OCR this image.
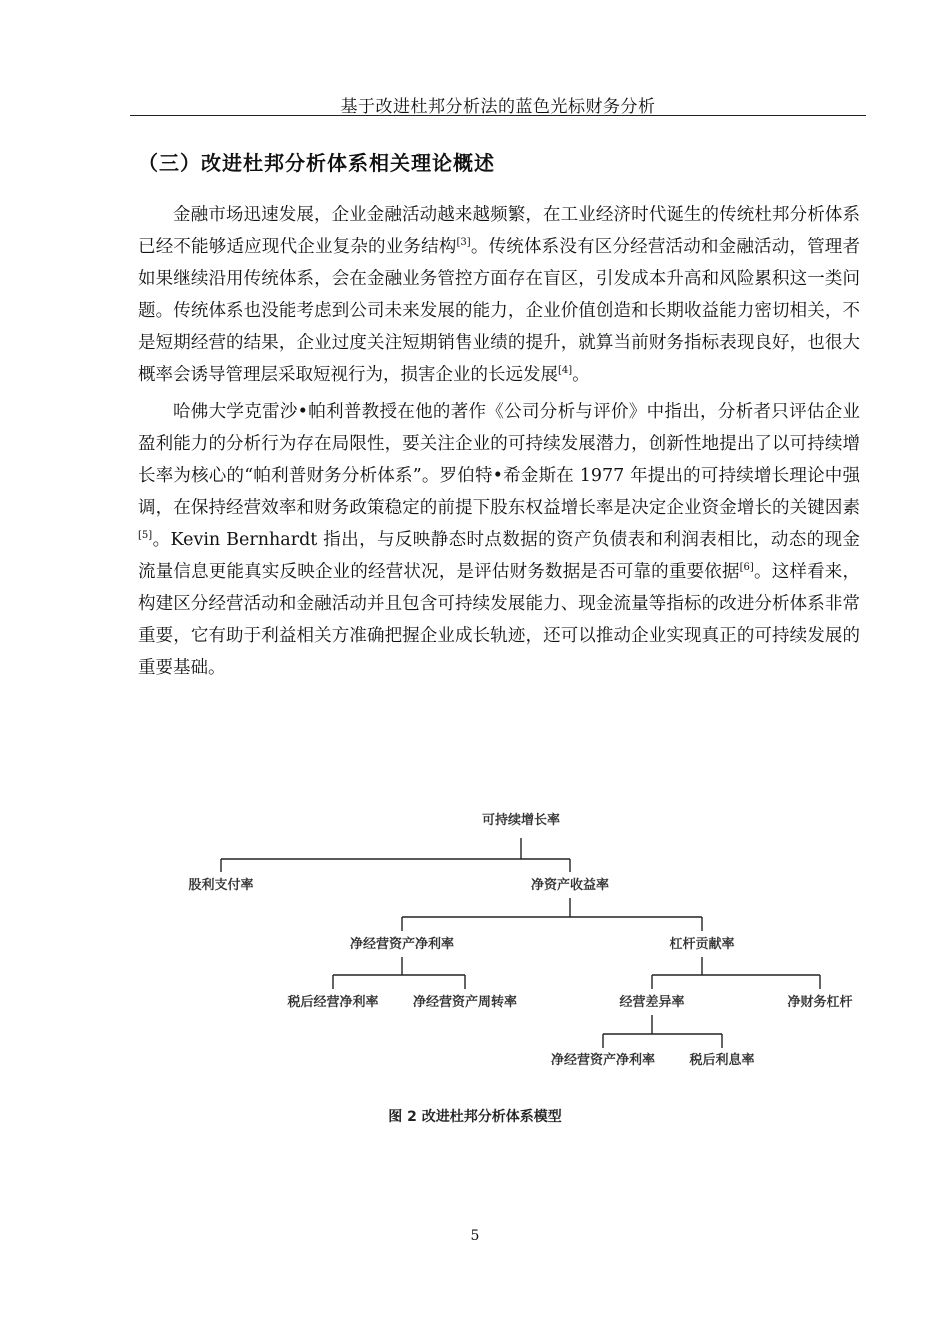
基于改进杜邦分析法的蓝色光标财务分析
（三）改进杜邦分析体系相关理论概述

金融市场迅速发展，企业金融活动越来越频繁，在工业经济时代诞生的传统杜邦分析体系已经不能够适应现代企业复杂的业务结构[3]。传统体系没有区分经营活动和金融活动，管理者如果继续沿用传统体系，会在金融业务管控方面存在盲区，引发成本升高和风险累积这一类问题。传统体系也没能考虑到公司未来发展的能力，企业价值创造和长期收益能力密切相关，不是短期经营的结果，企业过度关注短期销售业绩的提升，就算当前财务指标表现良好，也很大概率会诱导管理层采取短视行为，损害企业的长远发展[4]。

哈佛大学克雷沙•帕利普教授在他的著作《公司分析与评价》中指出，分析者只评估企业盈利能力的分析行为存在局限性，要关注企业的可持续发展潜力，创新性地提出了以可持续增长率为核心的“帕利普财务分析体系”。罗伯特•希金斯在 1977 年提出的可持续增长理论中强调，在保持经营效率和财务政策稳定的前提下股东权益增长率是决定企业资金增长的关键因素[5]。Kevin Bernhardt 指出，与反映静态时点数据的资产负债表和利润表相比，动态的现金流量信息更能真实反映企业的经营状况，是评估财务数据是否可靠的重要依据[6]。这样看来，构建区分经营活动和金融活动并且包含可持续发展能力、现金流量等指标的改进分析体系非常重要，它有助于利益相关方准确把握企业成长轨迹，还可以推动企业实现真正的可持续发展的重要基础。

可持续增长率
股利支付率	净资产收益率
净经营资产净利率	杠杆贡献率
税后经营净利率	净经营资产周转率	经营差异率	净财务杠杆
净经营资产净利率	税后利息率
图 2 改进杜邦分析体系模型
5
